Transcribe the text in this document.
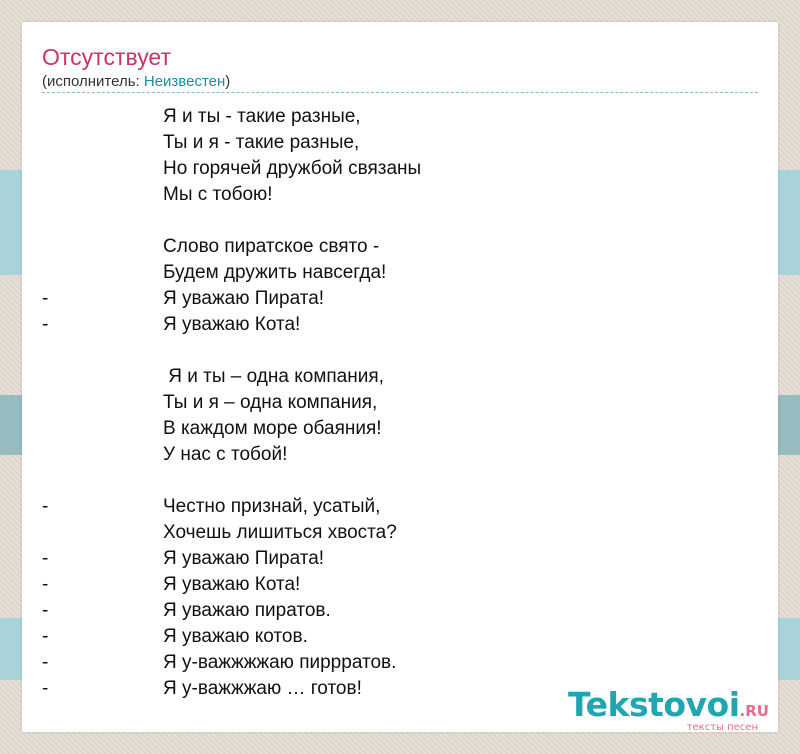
Отсутствует
(исполнитель: Неизвестен)
Я и ты - такие разные,
Ты и я - такие разные,
Но горячей дружбой связаны
Мы с тобою!
Слово пиратское свято -
Будем дружить навсегда!
-	Я уважаю Пирата!
-	Я уважаю Кота!
Я и ты – одна компания,
Ты и я – одна компания,
В каждом море обаяния!
У нас с тобой!
-	Честно признай, усатый,
Хочешь лишиться хвоста?
-	Я уважаю Пирата!
-	Я уважаю Кота!
-	Я уважаю пиратов.
-	Я уважаю котов.
-	Я у-важжжжаю пиррратов.
-	Я у-важжжаю … готов!	Tekstovoi.RU
тексты песен
